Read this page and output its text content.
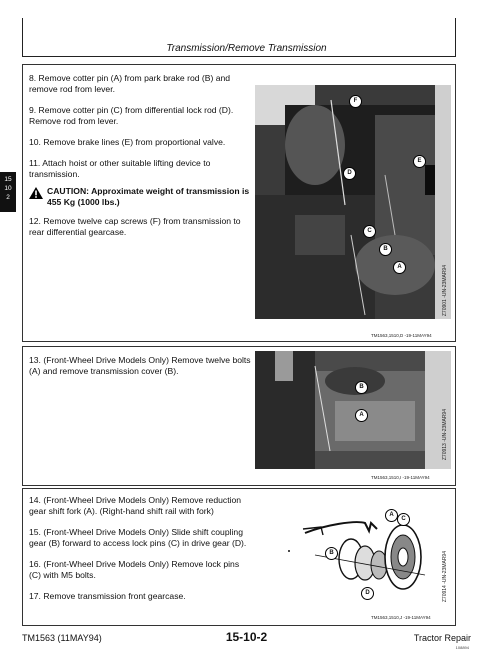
Transmission/Remove Transmission
15
10
2

8. Remove cotter pin (A) from park brake rod (B) and remove rod from lever.

9. Remove cotter pin (C) from differential lock rod (D). Remove rod from lever.

10. Remove brake lines (E) from proportional valve.

11. Attach hoist or other suitable lifting device to transmission.

CAUTION: Approximate weight of transmission is 455 Kg (1000 lbs.)

12. Remove twelve cap screws (F) from transmission to rear differential gearcase.

F
E
D
C
B
A	Z70901 -UN-23MAR94
TM1563,1510,D -19-11MAY94

13. (Front-Wheel Drive Models Only) Remove twelve bolts (A) and remove transmission cover (B).

B
A	Z70913 -UN-23MAR94
TM1563,1510,I -19-11MAY94

14. (Front-Wheel Drive Models Only) Remove reduction gear shift fork (A). (Right-hand shift rail with fork)

15. (Front-Wheel Drive Models Only) Slide shift coupling gear (B) forward to access lock pins (C) in drive gear (D).

16. (Front-Wheel Drive Models Only) Remove lock pins (C) with M5 bolts.

17. Remove transmission front gearcase.

A
C
B
D	Z70914 -UN-23MAR94
TM1563,1510,J -19-11MAY94
TM1563 (11MAY94)	15-10-2	Tractor Repair
108894
